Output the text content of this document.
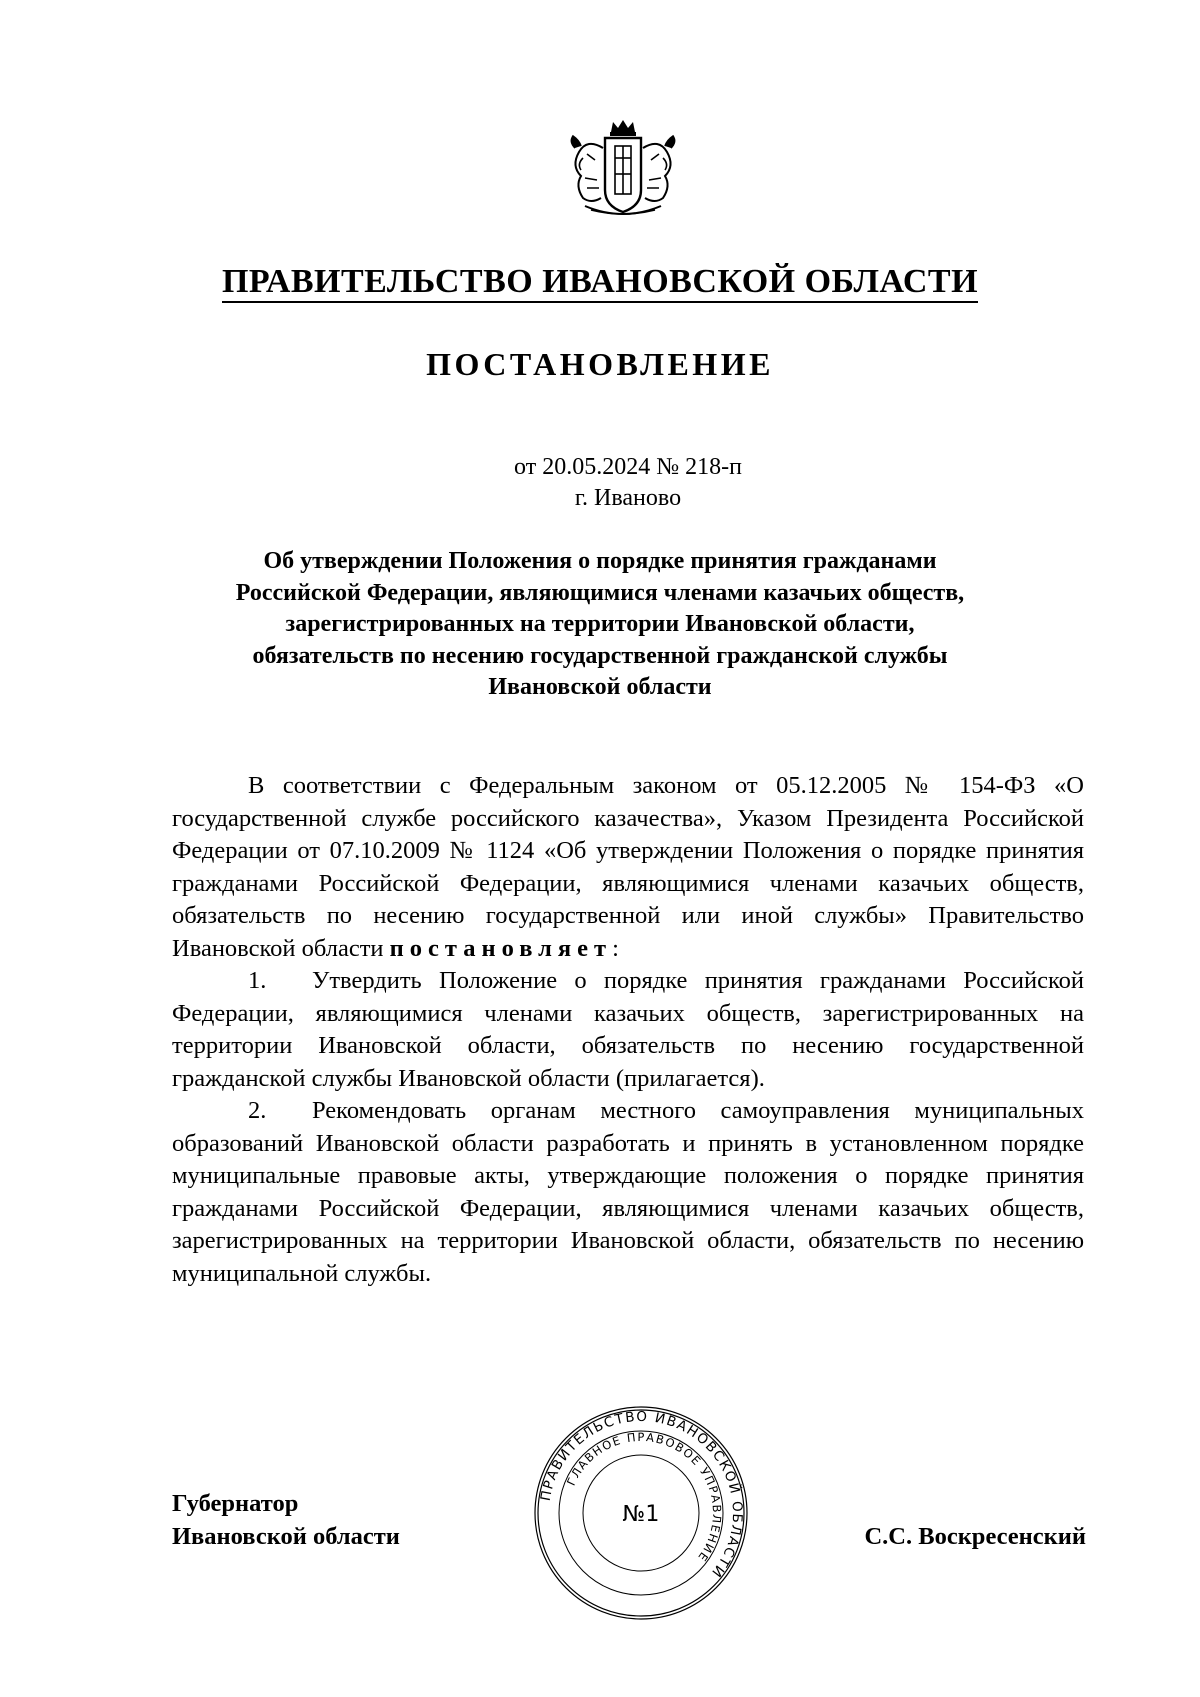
ПРАВИТЕЛЬСТВО ИВАНОВСКОЙ ОБЛАСТИ
ПОСТАНОВЛЕНИЕ
от 20.05.2024 № 218-п
г. Иваново
Об утверждении Положения о порядке принятия гражданами
Российской Федерации, являющимися членами казачьих обществ,
зарегистрированных на территории Ивановской области,
обязательств по несению государственной гражданской службы
Ивановской области

В соответствии с Федеральным законом от 05.12.2005 № 154-ФЗ «О государственной службе российского казачества», Указом Президента Российской Федерации от 07.10.2009 № 1124 «Об утверждении Положения о порядке принятия гражданами Российской Федерации, являющимися членами казачьих обществ, обязательств по несению государственной или иной службы» Правительство Ивановской области постановляет:

1. Утвердить Положение о порядке принятия гражданами Российской Федерации, являющимися членами казачьих обществ, зарегистрированных на территории Ивановской области, обязательств по несению государственной гражданской службы Ивановской области (прилагается).

2. Рекомендовать органам местного самоуправления муниципальных образований Ивановской области разработать и принять в установленном порядке муниципальные правовые акты, утверждающие положения о порядке принятия гражданами Российской Федерации, являющимися членами казачьих обществ, зарегистрированных на территории Ивановской области, обязательств по несению муниципальной службы.

Губернатор
Ивановской области	С.С. Воскресенский
ПРАВИТЕЛЬСТВО ИВАНОВСКОЙ ОБЛАСТИ
ГЛАВНОЕ ПРАВОВОЕ УПРАВЛЕНИЕ
№1
